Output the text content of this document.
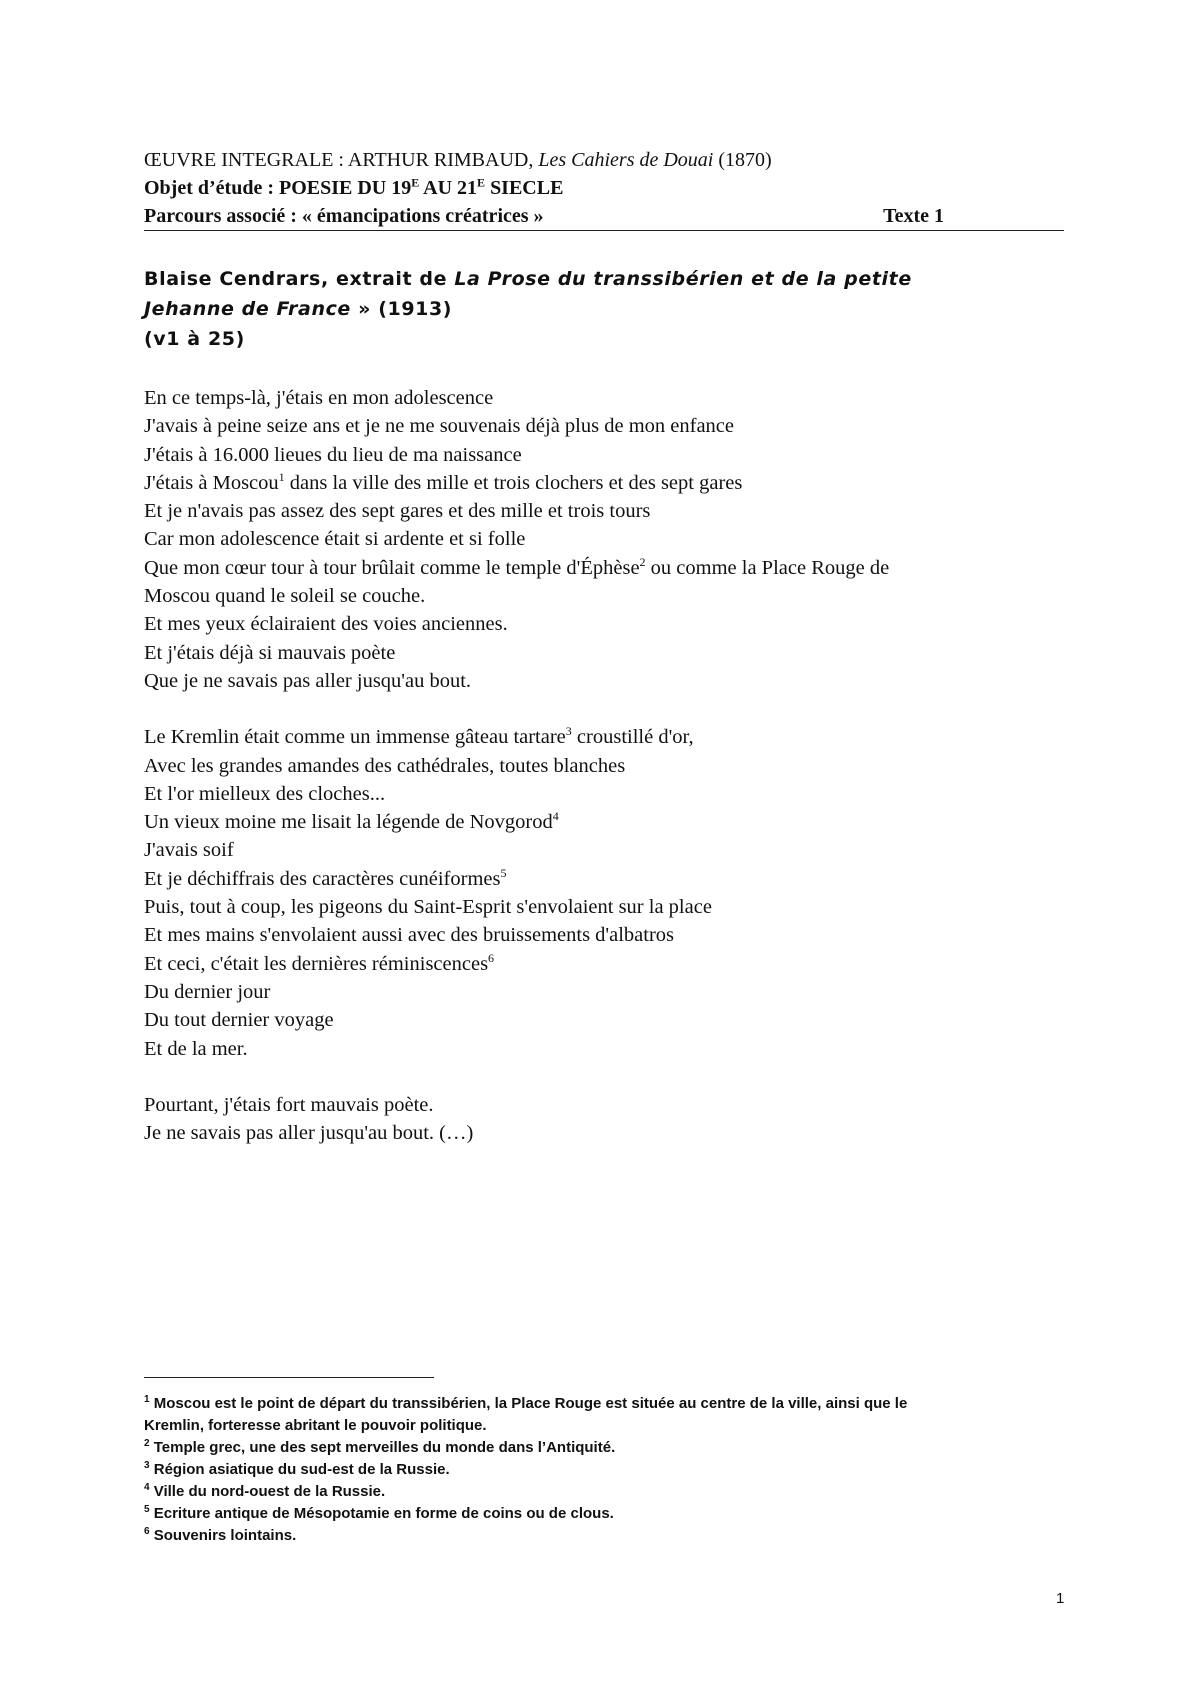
ŒUVRE INTEGRALE : ARTHUR RIMBAUD, Les Cahiers de Douai (1870)
Objet d’étude : POESIE DU $19^E$ AU $21^E$ SIECLE
Parcours associé : « émancipations créatrices »	Texte 1
Blaise Cendrars, extrait de La Prose du transsibérien et de la petite
Jehanne de France » (1913)
(v1 à 25)
En ce temps-là, j'étais en mon adolescence
J'avais à peine seize ans et je ne me souvenais déjà plus de mon enfance
J'étais à 16.000 lieues du lieu de ma naissance
J'étais à Moscou$^1$ dans la ville des mille et trois clochers et des sept gares
Et je n'avais pas assez des sept gares et des mille et trois tours
Car mon adolescence était si ardente et si folle
Que mon cœur tour à tour brûlait comme le temple d'Éphèse$^2$ ou comme la Place Rouge de
Moscou quand le soleil se couche.
Et mes yeux éclairaient des voies anciennes.
Et j'étais déjà si mauvais poète
Que je ne savais pas aller jusqu'au bout.
Le Kremlin était comme un immense gâteau tartare$^3$ croustillé d'or,
Avec les grandes amandes des cathédrales, toutes blanches
Et l'or mielleux des cloches...
Un vieux moine me lisait la légende de Novgorod$^4$
J'avais soif
Et je déchiffrais des caractères cunéiformes$^5$
Puis, tout à coup, les pigeons du Saint-Esprit s'envolaient sur la place
Et mes mains s'envolaient aussi avec des bruissements d'albatros
Et ceci, c'était les dernières réminiscences$^6$
Du dernier jour
Du tout dernier voyage
Et de la mer.
Pourtant, j'étais fort mauvais poète.
Je ne savais pas aller jusqu'au bout. (…)
$^1$ Moscou est le point de départ du transsibérien, la Place Rouge est située au centre de la ville, ainsi que le
Kremlin, forteresse abritant le pouvoir politique.
$^2$ Temple grec, une des sept merveilles du monde dans l’Antiquité.
$^3$ Région asiatique du sud-est de la Russie.
$^4$ Ville du nord-ouest de la Russie.
$^5$ Ecriture antique de Mésopotamie en forme de coins ou de clous.
$^6$ Souvenirs lointains.
1
